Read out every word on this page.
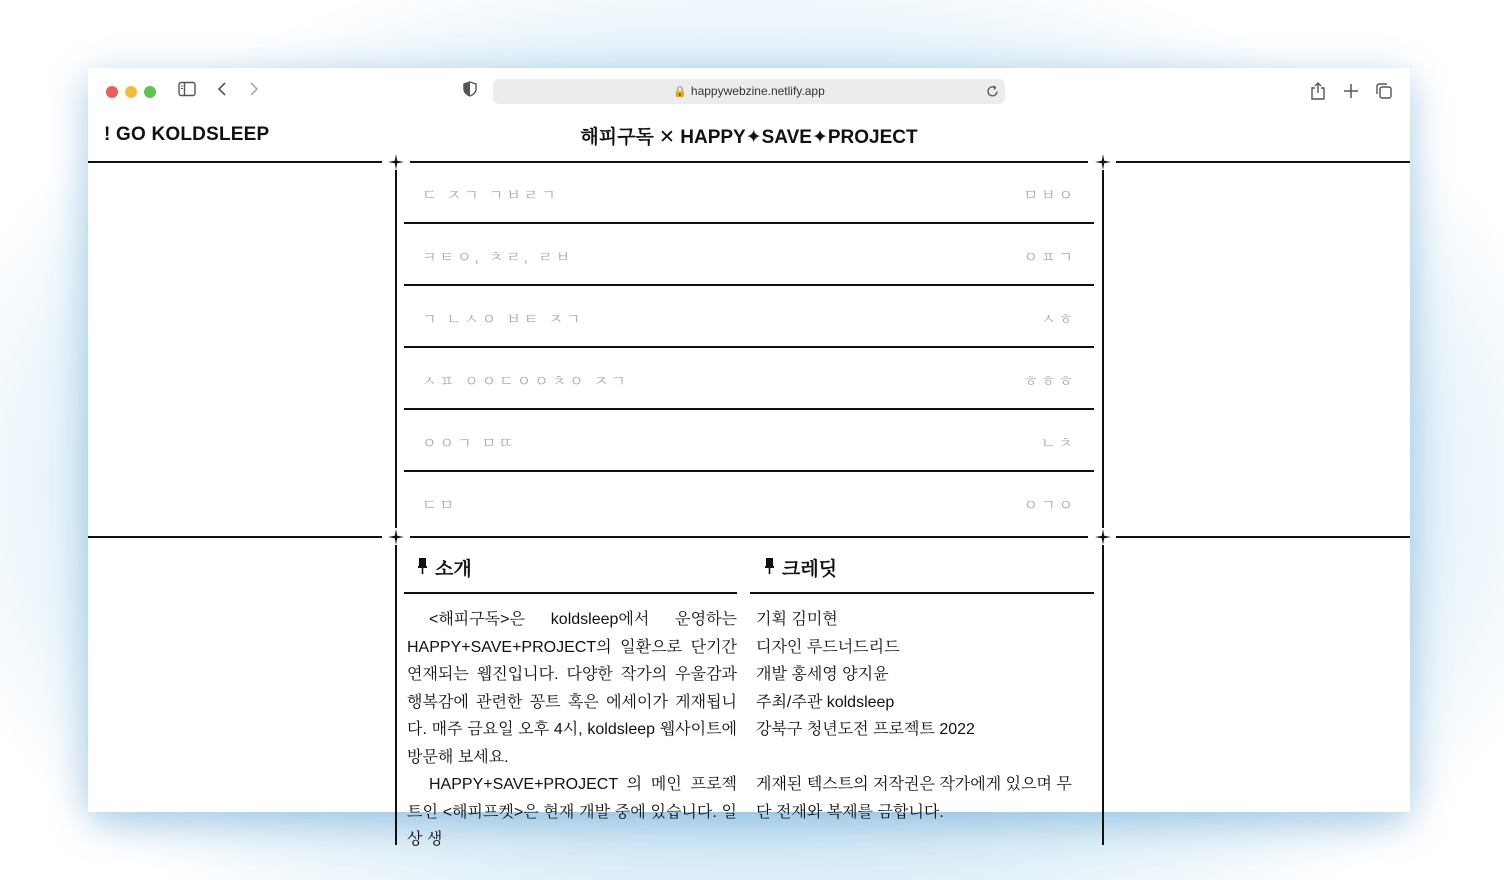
🔒 happywebzine.netlify.app
! GO KOLDSLEEP	해피구독 ✕ HAPPY✦SAVE✦PROJECT
ㄷ ㅈㄱ ㄱㅂㄹㄱ	ㅁㅂㅇ
ㅋㅌㅇ, ㅊㄹ, ㄹㅂ	ㅇㅍㄱ
ㄱ ㄴㅅㅇ ㅂㅌ ㅈㄱ	ㅅㅎ
ㅅㅍ ㅇㅇㄷㅇㅇㅊㅇ ㅈㄱ	ㅎㅎㅎ
ㅇㅇㄱ ㅁㄸ	ㄴㅊ
ㄷㅁ	ㅇㄱㅇ
소개	크레딧

<해피구독>은 koldsleep에서 운영하는 HAPPY+SAVE+PROJECT의 일환으로 단기간 연재되는 웹진입니다. 다양한 작가의 우울감과 행복감에 관련한 꽁트 혹은 에세이가 게재됩니다. 매주 금요일 오후 4시, koldsleep 웹사이트에 방문해 보세요.

HAPPY+SAVE+PROJECT 의 메인 프로젝트인 <해피프켓>은 현재 개발 중에 있습니다. 일상 생

기획 김미현
디자인 루드너드리드
개발 홍세영 양지윤
주최/주관 koldsleep
강북구 청년도전 프로젝트 2022
게재된 텍스트의 저작권은 작가에게 있으며 무단 전재와 복제를 금합니다.
